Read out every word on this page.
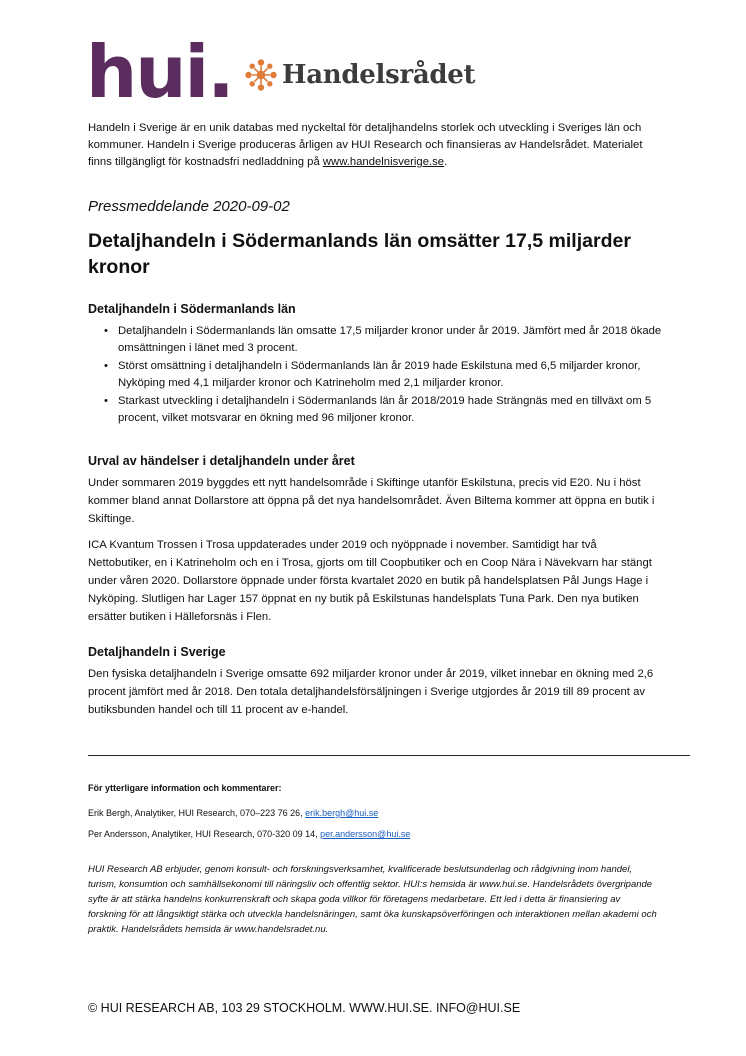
hui. Handelsrådet
Handeln i Sverige är en unik databas med nyckeltal för detaljhandelns storlek och utveckling i Sveriges län och kommuner. Handeln i Sverige produceras årligen av HUI Research och finansieras av Handelsrådet. Materialet finns tillgängligt för kostnadsfri nedladdning på www.handelnisverige.se.
Pressmeddelande 2020-09-02
Detaljhandeln i Södermanlands län omsätter 17,5 miljarder kronor
Detaljhandeln i Södermanlands län
• Detaljhandeln i Södermanlands län omsatte 17,5 miljarder kronor under år 2019. Jämfört med år 2018 ökade omsättningen i länet med 3 procent.
• Störst omsättning i detaljhandeln i Södermanlands län år 2019 hade Eskilstuna med 6,5 miljarder kronor, Nyköping med 4,1 miljarder kronor och Katrineholm med 2,1 miljarder kronor.
• Starkast utveckling i detaljhandeln i Södermanlands län år 2018/2019 hade Strängnäs med en tillväxt om 5 procent, vilket motsvarar en ökning med 96 miljoner kronor.
Urval av händelser i detaljhandeln under året
Under sommaren 2019 byggdes ett nytt handelsområde i Skiftinge utanför Eskilstuna, precis vid E20. Nu i höst kommer bland annat Dollarstore att öppna på det nya handelsområdet. Även Biltema kommer att öppna en butik i Skiftinge.
ICA Kvantum Trossen i Trosa uppdaterades under 2019 och nyöppnade i november. Samtidigt har två Nettobutiker, en i Katrineholm och en i Trosa, gjorts om till Coopbutiker och en Coop Nära i Nävekvarn har stängt under våren 2020. Dollarstore öppnade under första kvartalet 2020 en butik på handelsplatsen Pål Jungs Hage i Nyköping. Slutligen har Lager 157 öppnat en ny butik på Eskilstunas handelsplats Tuna Park. Den nya butiken ersätter butiken i Hälleforsnäs i Flen.
Detaljhandeln i Sverige
Den fysiska detaljhandeln i Sverige omsatte 692 miljarder kronor under år 2019, vilket innebar en ökning med 2,6 procent jämfört med år 2018. Den totala detaljhandelsförsäljningen i Sverige utgjordes år 2019 till 89 procent av butiksbunden handel och till 11 procent av e-handel.
För ytterligare information och kommentarer:
Erik Bergh, Analytiker, HUI Research, 070–223 76 26, erik.bergh@hui.se
Per Andersson, Analytiker, HUI Research, 070-320 09 14, per.andersson@hui.se
HUI Research AB erbjuder, genom konsult- och forskningsverksamhet, kvalificerade beslutsunderlag och rådgivning inom handel, turism, konsumtion och samhällsekonomi till näringsliv och offentlig sektor. HUI:s hemsida är www.hui.se. Handelsrådets övergripande syfte är att stärka handelns konkurrenskraft och skapa goda villkor för företagens medarbetare. Ett led i detta är finansiering av forskning för att långsiktigt stärka och utveckla handelsnäringen, samt öka kunskapsöverföringen och interaktionen mellan akademi och praktik. Handelsrådets hemsida är www.handelsradet.nu.
© HUI RESEARCH AB, 103 29 STOCKHOLM. WWW.HUI.SE. INFO@HUI.SE
